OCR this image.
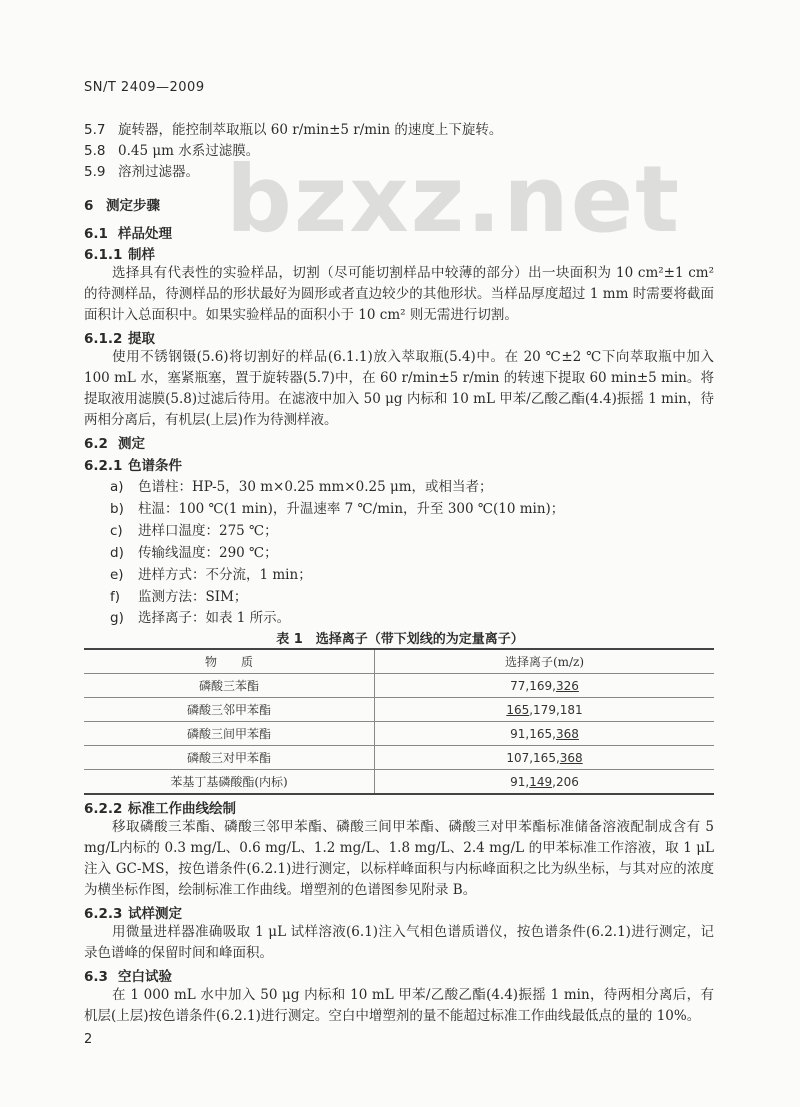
SN/T 2409—2009
bzxz.net
5.7 旋转器，能控制萃取瓶以 60 r/min±5 r/min 的速度上下旋转。
5.8 0.45 μm 水系过滤膜。
5.9 溶剂过滤器。
6 测定步骤
6.1 样品处理
6.1.1 制样
选择具有代表性的实验样品，切割（尽可能切割样品中较薄的部分）出一块面积为 10 cm²±1 cm² 的待测样品，待测样品的形状最好为圆形或者直边较少的其他形状。当样品厚度超过 1 mm 时需要将截面面积计入总面积中。如果实验样品的面积小于 10 cm² 则无需进行切割。
6.1.2 提取
使用不锈钢镊(5.6)将切割好的样品(6.1.1)放入萃取瓶(5.4)中。在 20 ℃±2 ℃下向萃取瓶中加入 100 mL 水，塞紧瓶塞，置于旋转器(5.7)中，在 60 r/min±5 r/min 的转速下提取 60 min±5 min。将提取液用滤膜(5.8)过滤后待用。在滤液中加入 50 μg 内标和 10 mL 甲苯/乙酸乙酯(4.4)振摇 1 min，待两相分离后，有机层(上层)作为待测样液。
6.2 测定
6.2.1 色谱条件
a) 色谱柱：HP-5，30 m×0.25 mm×0.25 μm，或相当者；
b) 柱温：100 ℃(1 min)，升温速率 7 ℃/min，升至 300 ℃(10 min)；
c) 进样口温度：275 ℃；
d) 传输线温度：290 ℃；
e) 进样方式：不分流，1 min；
f) 监测方法：SIM；
g) 选择离子：如表 1 所示。
表 1　选择离子（带下划线的为定量离子）
物　　质	选择离子(m/z)
磷酸三苯酯	77,169,326
磷酸三邻甲苯酯	165,179,181
磷酸三间甲苯酯	91,165,368
磷酸三对甲苯酯	107,165,368
苯基丁基磷酸酯(内标)	91,149,206
6.2.2 标准工作曲线绘制
移取磷酸三苯酯、磷酸三邻甲苯酯、磷酸三间甲苯酯、磷酸三对甲苯酯标准储备溶液配制成含有 5 mg/L内标的 0.3 mg/L、0.6 mg/L、1.2 mg/L、1.8 mg/L、2.4 mg/L 的甲苯标准工作溶液，取 1 μL 注入 GC-MS，按色谱条件(6.2.1)进行测定，以标样峰面积与内标峰面积之比为纵坐标，与其对应的浓度为横坐标作图，绘制标准工作曲线。增塑剂的色谱图参见附录 B。
6.2.3 试样测定
用微量进样器准确吸取 1 μL 试样溶液(6.1)注入气相色谱质谱仪，按色谱条件(6.2.1)进行测定，记录色谱峰的保留时间和峰面积。
6.3 空白试验
在 1 000 mL 水中加入 50 μg 内标和 10 mL 甲苯/乙酸乙酯(4.4)振摇 1 min，待两相分离后，有机层(上层)按色谱条件(6.2.1)进行测定。空白中增塑剂的量不能超过标准工作曲线最低点的量的 10%。
2
